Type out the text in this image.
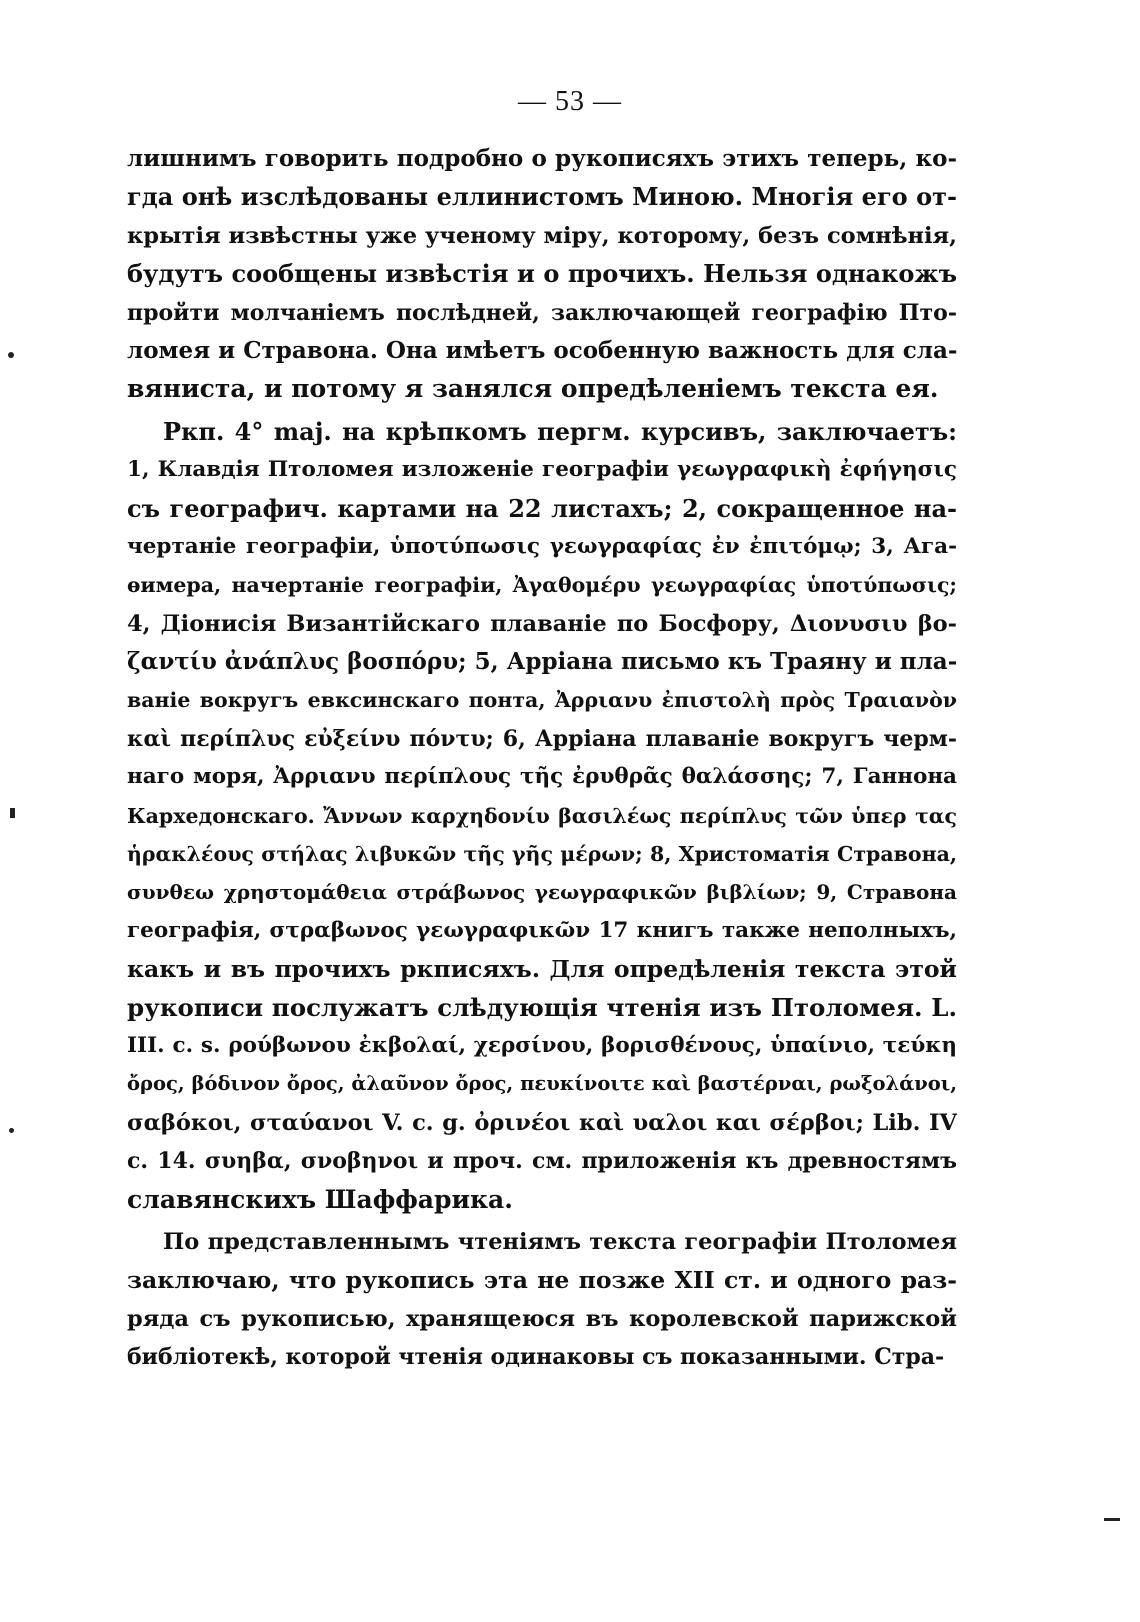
— 53 —
лишнимъ говорить подробно о рукописяхъ этихъ теперь, ко-
гда онѣ изслѣдованы еллинистомъ Миною. Многія его от-
крытія извѣстны уже ученому міру, которому, безъ сомнѣнія,
будутъ сообщены извѣстія и о прочихъ. Нельзя однакожъ
пройти молчаніемъ послѣдней, заключающей географію Пто-
ломея и Стравона. Она имѣетъ особенную важность для сла-
вяниста, и потому я занялся опредѣленіемъ текста ея.
Ркп. 4° maj. на крѣпкомъ пергм. курсивъ, заключаетъ:
1, Клавдія Птоломея изложеніе географіи γεωγραφικὴ ἐφήγησις
съ географич. картами на 22 листахъ; 2, сокращенное на-
чертаніе географіи, ὑποτύπωσις γεωγραφίας ἐν ἐπιτόμῳ; 3, Ага-
ѳимера, начертаніе географіи, Ἀγαθομέρυ γεωγραφίας ὑποτύπωσις;
4, Діонисія Византійскаго плаваніе по Босфору, Διονυσιυ βο-
ζαντίυ ἀνάπλυς βοσπόρυ; 5, Арріана письмо къ Траяну и пла-
ваніе вокругъ евксинскаго понта, Ἀρριανυ ἐπιστολὴ πρὸς Τραιανὸν
καὶ περίπλυς εὐξείνυ πόντυ; 6, Арріана плаваніе вокругъ черм-
наго моря, Ἀρριανυ περίπλους τῆς ἐρυθρᾶς θαλάσσης; 7, Ганнона
Кархедонскаго. Ἄννων καρχηδονίυ βασιλέως περίπλυς τῶν ὑπερ τας
ἡρακλέους στήλας λιβυκῶν τῆς γῆς μέρων; 8, Христоматія Стравона,
συνθεω χρηστομάθεια στράβωνος γεωγραφικῶν βιβλίων; 9, Стравона
географія, στραβωνος γεωγραφικῶν 17 книгъ также неполныхъ,
какъ и въ прочихъ ркписяхъ. Для опредѣленія текста этой
рукописи послужатъ слѣдующія чтенія изъ Птоломея. L.
III. c. s. ρούβωνου ἐκβολαί, χερσίνου, βορισθένους, ὑπαίνιο, τεύκη
ὄρος, βόδινον ὄρος, ἀλαῦνον ὄρος, πευκίνοιτε καὶ βαστέρναι, ρωξολάνοι,
σαβόκοι, σταύανοι V. c. g. ὀρινέοι καὶ υαλοι και σέρβοι; Lib. IV
c. 14. συηβα, σνοβηνοι и проч. см. приложенія къ древностямъ
славянскихъ Шаффарика.
По представленнымъ чтеніямъ текста географіи Птоломея
заключаю, что рукопись эта не позже XII ст. и одного раз-
ряда съ рукописью, хранящеюся въ королевской парижской
библіотекѣ, которой чтенія одинаковы съ показанными. Стра-
